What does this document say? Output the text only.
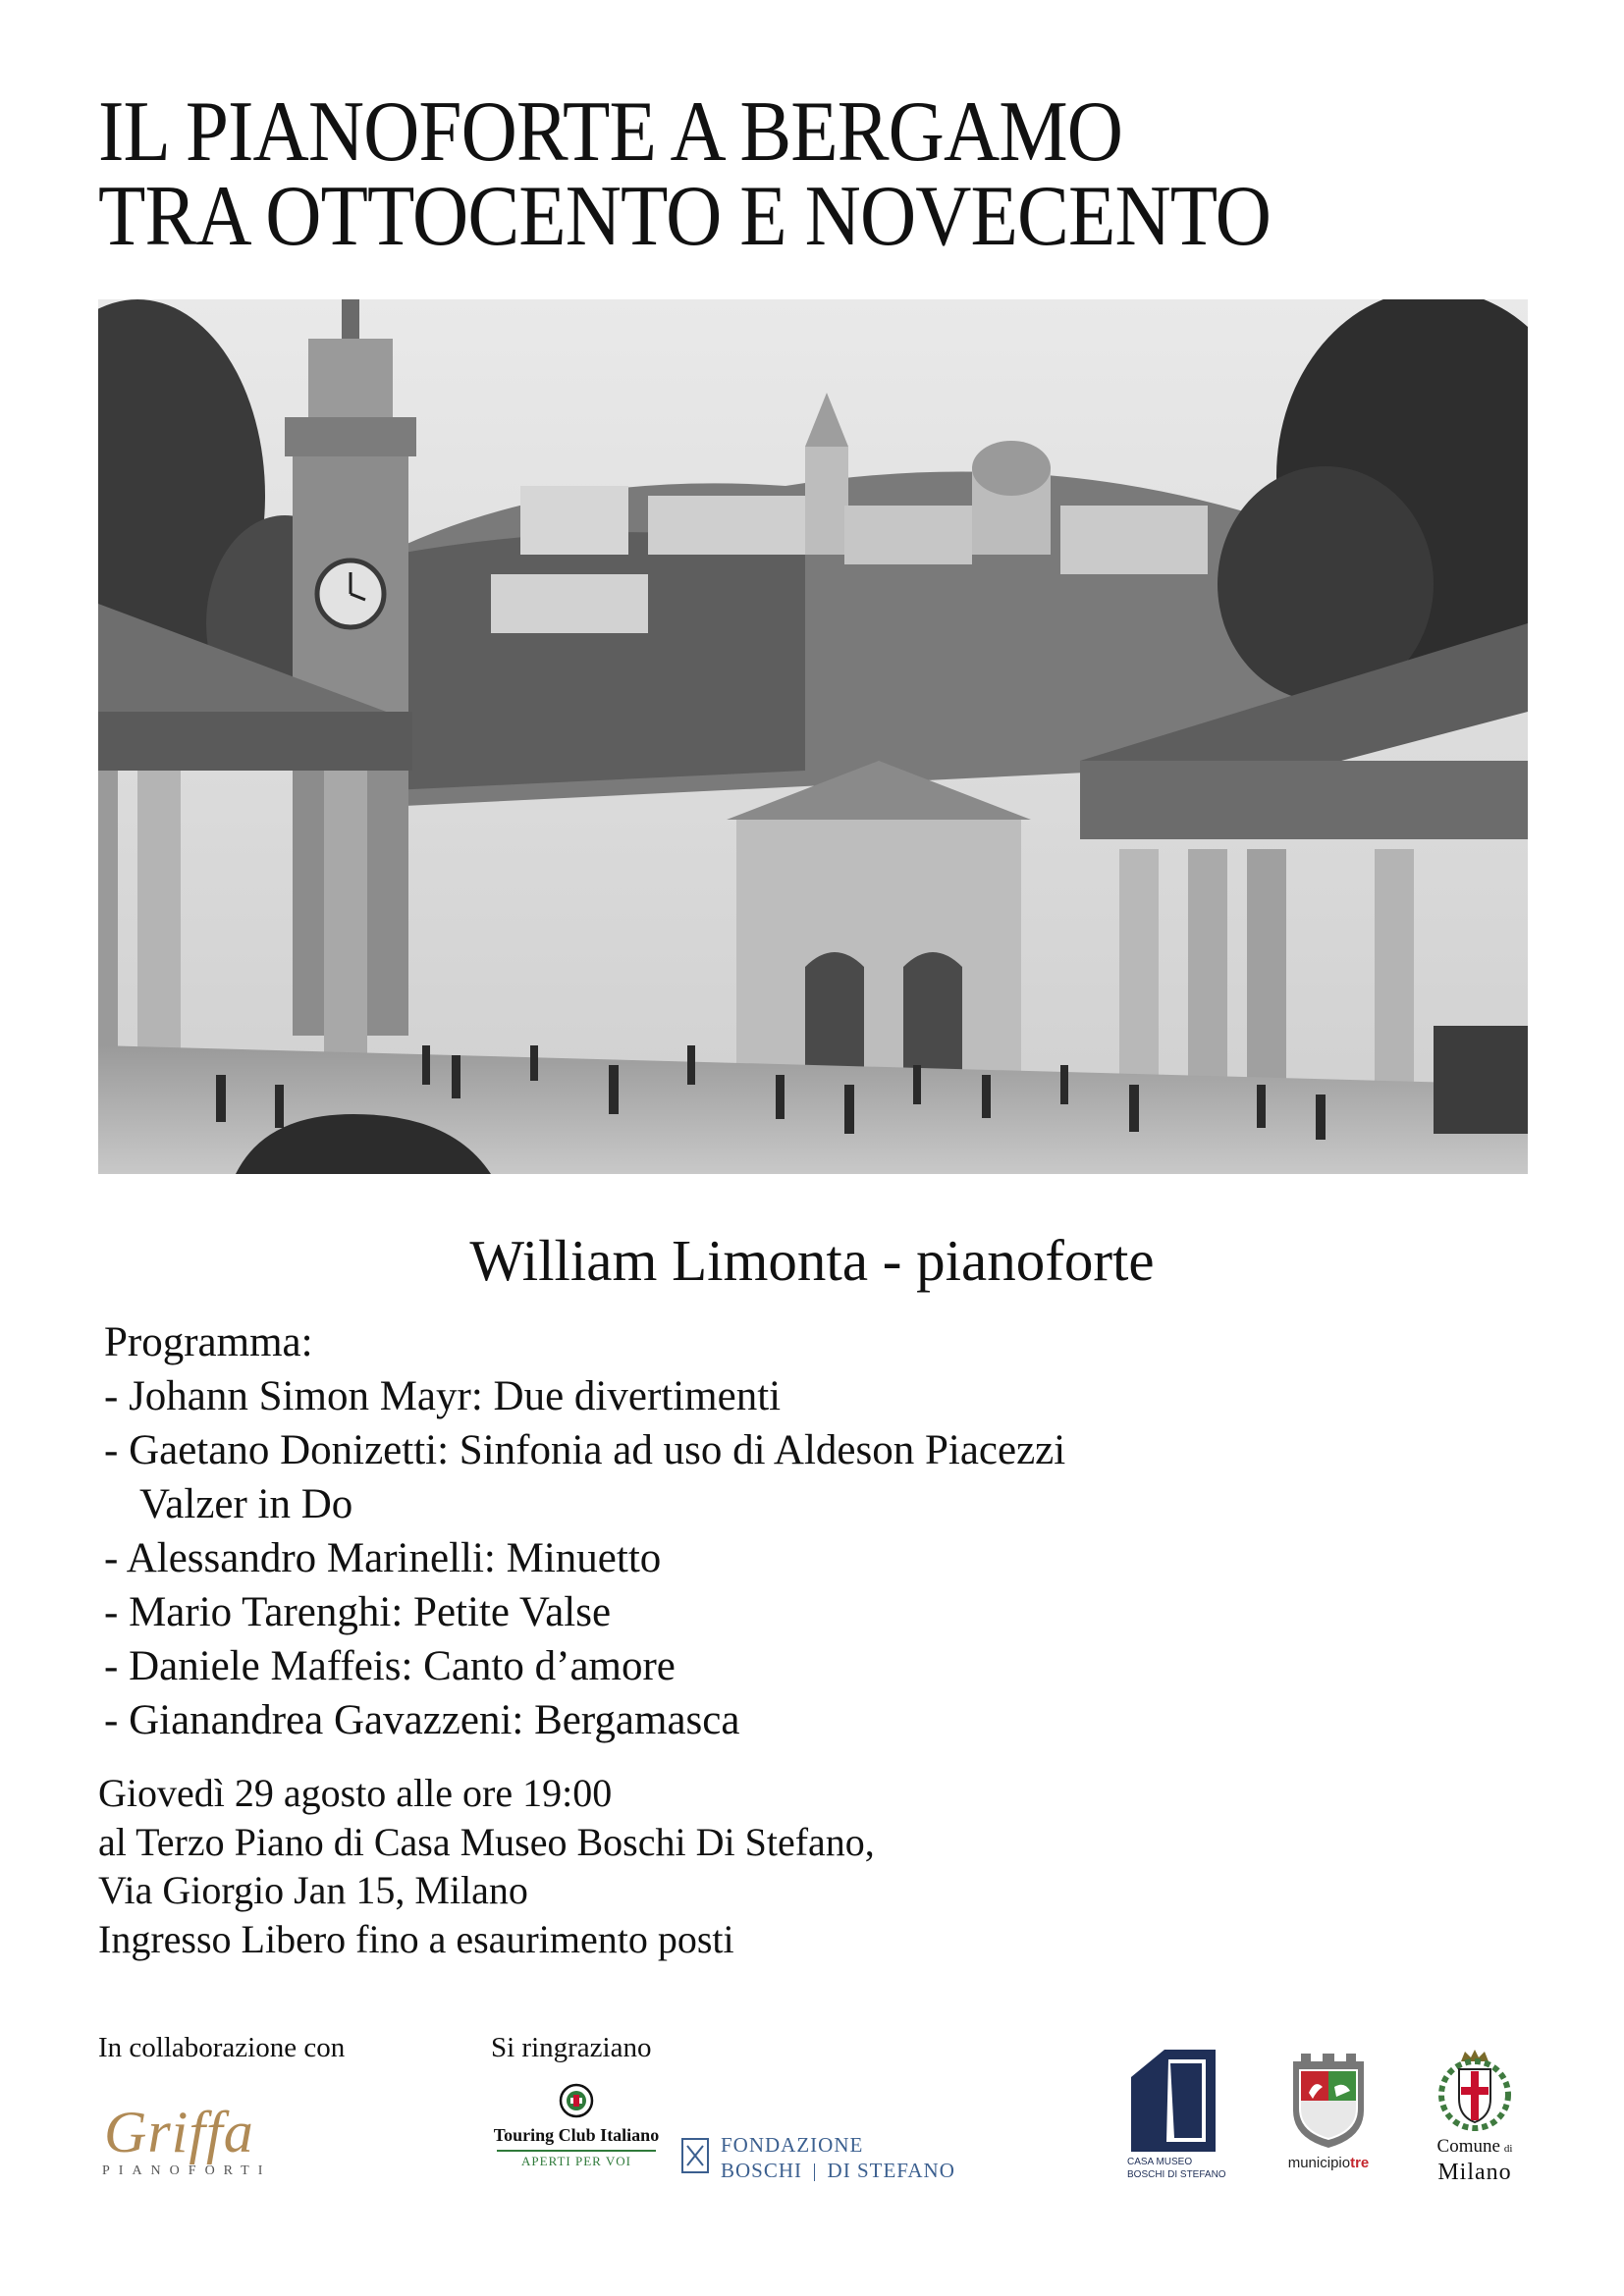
IL PIANOFORTE A BERGAMO
TRA OTTOCENTO E NOVECENTO
William Limonta - pianoforte
Programma:
- Johann Simon Mayr: Due divertimenti
- Gaetano Donizetti: Sinfonia ad uso di Aldeson Piacezzi
Valzer in Do
- Alessandro Marinelli: Minuetto
- Mario Tarenghi: Petite Valse
- Daniele Maffeis: Canto d’amore
- Gianandrea Gavazzeni: Bergamasca
Giovedì 29 agosto alle ore 19:00
al Terzo Piano di Casa Museo Boschi Di Stefano,
Via Giorgio Jan 15, Milano
Ingresso Libero fino a esaurimento posti
In collaborazione con	Si ringraziano
Griffa
PIANOFORTI
Touring Club Italiano
APERTI PER VOI
FONDAZIONE
BOSCHI DI STEFANO	CASA MUSEO
BOSCHI DI STEFANO
municipiotre
Comune di
Milano
